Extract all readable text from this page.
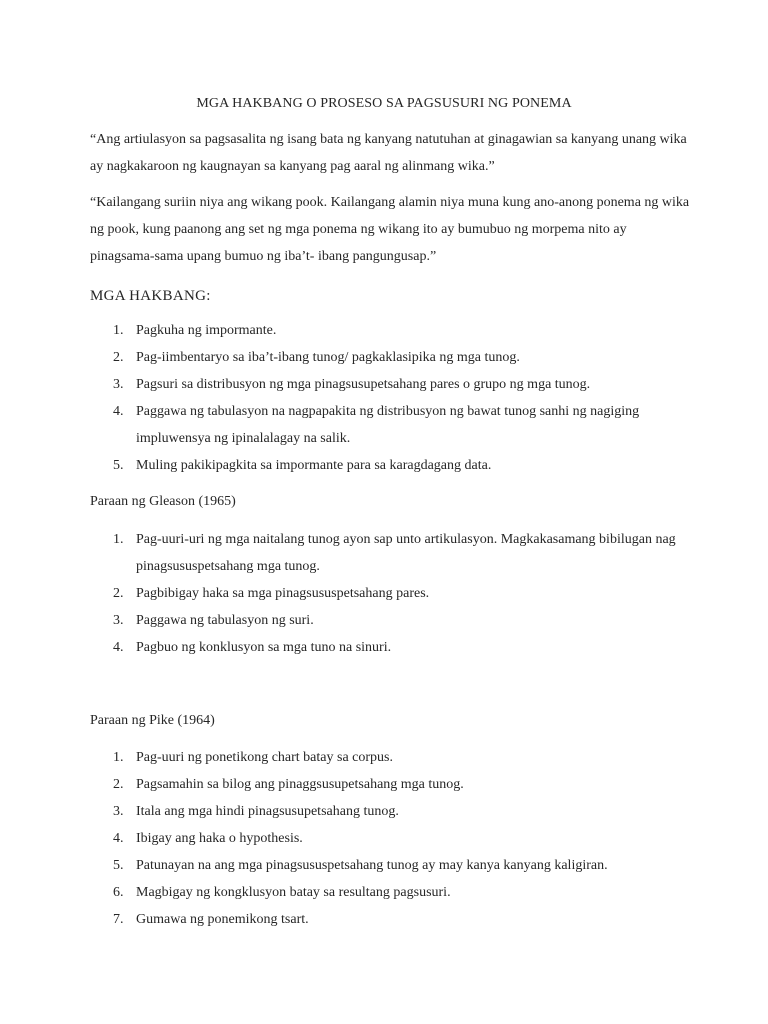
MGA HAKBANG O PROSESO SA PAGSUSURI NG PONEMA
“Ang artiulasyon sa pagsasalita ng isang bata ng kanyang natutuhan at ginagawian sa kanyang unang wika ay nagkakaroon ng kaugnayan sa kanyang pag aaral ng alinmang wika.”
“Kailangang suriin niya ang wikang pook. Kailangang alamin niya muna kung ano-anong ponema ng wika ng pook, kung paanong ang set ng mga ponema ng wikang ito ay bumubuo ng morpema nito ay pinagsama-sama upang bumuo ng iba’t- ibang pangungusap.”
MGA HAKBANG:
1. Pagkuha ng impormante.
2. Pag-iimbentaryo sa iba’t-ibang tunog/ pagkaklasipika ng mga tunog.
3. Pagsuri sa distribusyon ng mga pinagsusupetsahang pares o grupo ng mga tunog.
4. Paggawa ng tabulasyon na nagpapakita ng distribusyon ng bawat tunog sanhi ng nagiging impluwensya ng ipinalalagay na salik.
5. Muling pakikipagkita sa impormante para sa karagdagang data.
Paraan ng Gleason (1965)
1. Pag-uuri-uri ng mga naitalang tunog ayon sap unto artikulasyon. Magkakasamang bibilugan nag pinagsususpetsahang mga tunog.
2. Pagbibigay haka sa mga pinagsususpetsahang pares.
3. Paggawa ng tabulasyon ng suri.
4. Pagbuo ng konklusyon sa mga tuno na sinuri.
Paraan ng Pike (1964)
1. Pag-uuri ng ponetikong chart batay sa corpus.
2. Pagsamahin sa bilog ang pinaggsusupetsahang mga tunog.
3. Itala ang mga hindi pinagsusupetsahang tunog.
4. Ibigay ang haka o hypothesis.
5. Patunayan na ang mga pinagsususpetsahang tunog ay may kanya kanyang kaligiran.
6. Magbigay ng kongklusyon batay sa resultang pagsusuri.
7. Gumawa ng ponemikong tsart.
